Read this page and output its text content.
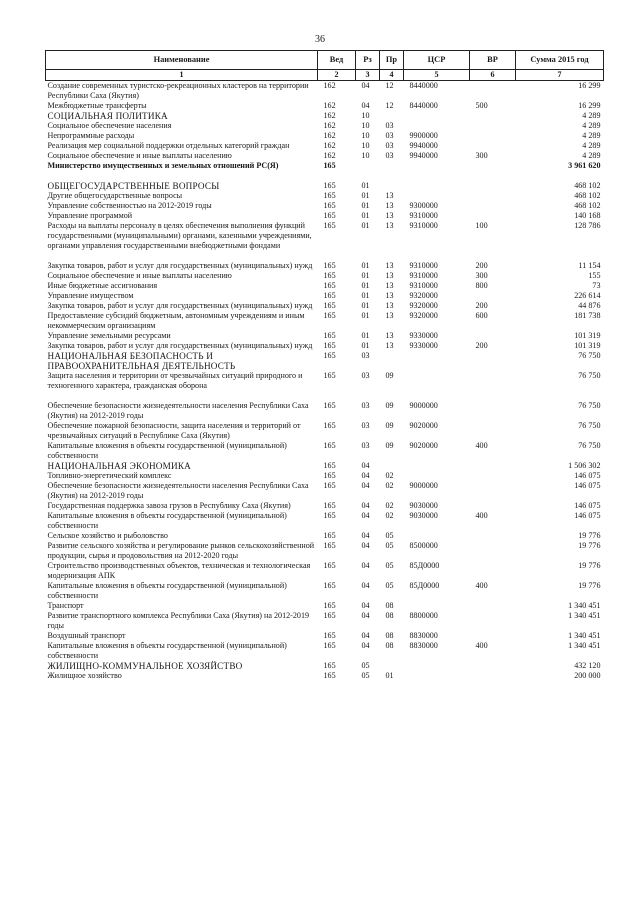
36
Наименование	Вед	Рз	Пр	ЦСР	ВР	Сумма 2015 год
1	2	3	4	5	6	7
Создание современных туристско-рекреационных кластеров на территории Республики Саха (Якутия)	162	04	12	8440000		16 299
Межбюджетные трансферты	162	04	12	8440000	500	16 299
СОЦИАЛЬНАЯ ПОЛИТИКА	162	10				4 289
Социальное обеспечение населения	162	10	03			4 289
Непрограммные расходы	162	10	03	9900000		4 289
Реализация мер социальной поддержки отдельных категорий граждан	162	10	03	9940000		4 289
Социальное обеспечение и иные выплаты населению	162	10	03	9940000	300	4 289
Министерство имущественных и земельных отношений РС(Я)	165					3 961 620

ОБЩЕГОСУДАРСТВЕННЫЕ ВОПРОСЫ	165	01				468 102
Другие общегосударственные вопросы	165	01	13			468 102
Управление собственностью на 2012-2019 годы	165	01	13	9300000		468 102
Управление программой	165	01	13	9310000		140 168
Расходы на выплаты персоналу в целях обеспечения выполнения функций государственными (муниципальными) органами, казенными учреждениями, органами управления государственными внебюджетными фондами	165	01	13	9310000	100	128 786

Закупка товаров, работ и услуг для государственных (муниципальных) нужд	165	01	13	9310000	200	11 154
Социальное обеспечение и иные выплаты населению	165	01	13	9310000	300	155
Иные бюджетные ассигнования	165	01	13	9310000	800	73
Управление имуществом	165	01	13	9320000		226 614
Закупка товаров, работ и услуг для государственных (муниципальных) нужд	165	01	13	9320000	200	44 876
Предоставление субсидий бюджетным, автономным учреждениям и иным некоммерческим организациям	165	01	13	9320000	600	181 738
Управление земельными ресурсами	165	01	13	9330000		101 319
Закупка товаров, работ и услуг для государственных (муниципальных) нужд	165	01	13	9330000	200	101 319
НАЦИОНАЛЬНАЯ БЕЗОПАСНОСТЬ И ПРАВООХРАНИТЕЛЬНАЯ ДЕЯТЕЛЬНОСТЬ	165	03				76 750
Защита населения и территории от чрезвычайных ситуаций природного и техногенного характера, гражданская оборона	165	03	09			76 750

Обеспечение безопасности жизнедеятельности населения Республики Саха (Якутия) на 2012-2019 годы	165	03	09	9000000		76 750
Обеспечение пожарной безопасности, защита населения и территорий от чрезвычайных ситуаций в Республике Саха (Якутия)	165	03	09	9020000		76 750
Капитальные вложения в объекты государственной (муниципальной) собственности	165	03	09	9020000	400	76 750
НАЦИОНАЛЬНАЯ ЭКОНОМИКА	165	04				1 506 302
Топливно-энергетический комплекс	165	04	02			146 075
Обеспечение безопасности жизнедеятельности населения Республики Саха (Якутия) на 2012-2019 годы	165	04	02	9000000		146 075
Государственная поддержка завоза грузов в Республику Саха (Якутия)	165	04	02	9030000		146 075
Капитальные вложения в объекты государственной (муниципальной) собственности	165	04	02	9030000	400	146 075
Сельское хозяйство и рыболовство	165	04	05			19 776
Развитие сельского хозяйства и регулирование рынков сельскохозяйственной продукции, сырья и продовольствия на 2012-2020 годы	165	04	05	8500000		19 776
Строительство производственных объектов, техническая и технологическая модернизация АПК	165	04	05	85Д0000		19 776
Капитальные вложения в объекты государственной (муниципальной) собственности	165	04	05	85Д0000	400	19 776
Транспорт	165	04	08			1 340 451
Развитие транспортного комплекса Республики Саха (Якутия) на 2012-2019 годы	165	04	08	8800000		1 340 451
Воздушный транспорт	165	04	08	8830000		1 340 451
Капитальные вложения в объекты государственной (муниципальной) собственности	165	04	08	8830000	400	1 340 451
ЖИЛИЩНО-КОММУНАЛЬНОЕ ХОЗЯЙСТВО	165	05				432 120
Жилищное хозяйство	165	05	01			200 000
